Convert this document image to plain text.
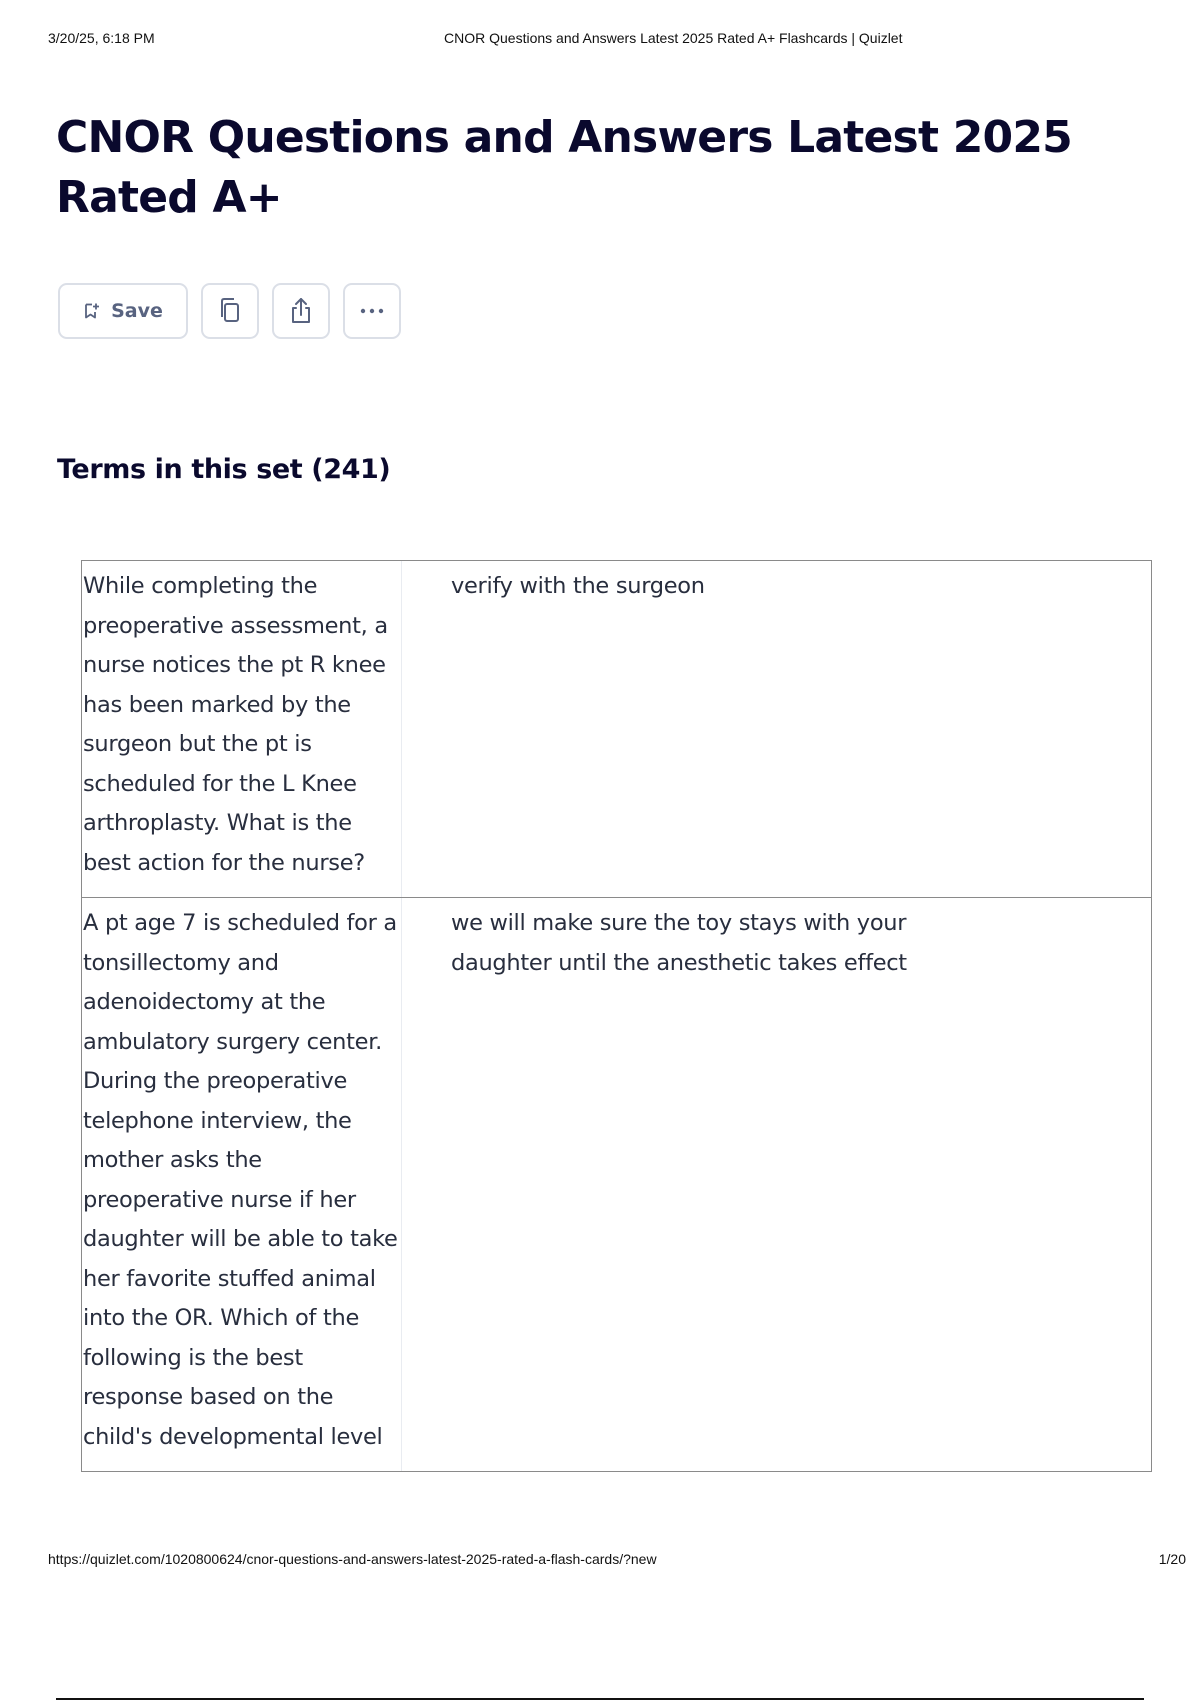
3/20/25, 6:18 PM	CNOR Questions and Answers Latest 2025 Rated A+ Flashcards | Quizlet
CNOR Questions and Answers Latest 2025 Rated A+
Save
Terms in this set (241)
While completing the preoperative assessment, a nurse notices the pt R knee has been marked by the surgeon but the pt is scheduled for the L Knee arthroplasty. What is the best action for the nurse?
verify with the surgeon
A pt age 7 is scheduled for a tonsillectomy and adenoidectomy at the ambulatory surgery center. During the preoperative telephone interview, the mother asks the preoperative nurse if her daughter will be able to take her favorite stuffed animal into the OR. Which of the following is the best response based on the child's developmental level
we will make sure the toy stays with your daughter until the anesthetic takes effect
https://quizlet.com/1020800624/cnor-questions-and-answers-latest-2025-rated-a-flash-cards/?new	1/20
